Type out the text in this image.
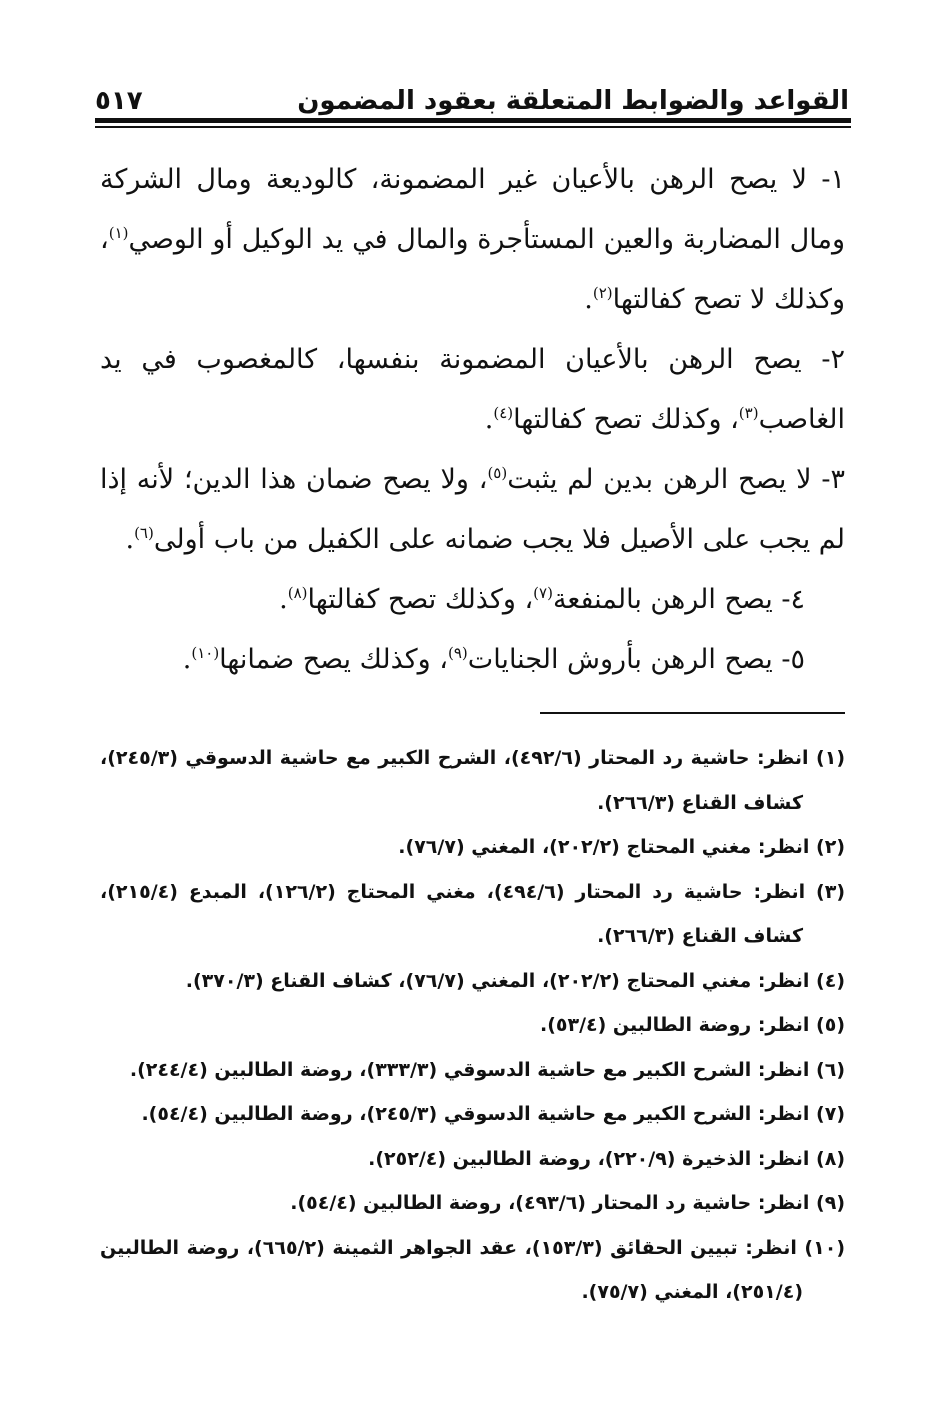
القواعد والضوابط المتعلقة بعقود المضمون
٥١٧

١- لا يصح الرهن بالأعيان غير المضمونة، كالوديعة ومال الشركة ومال المضاربة والعين المستأجرة والمال في يد الوكيل أو الوصي$^{(١)}$، وكذلك لا تصح كفالتها$^{(٢)}$.

٢- يصح الرهن بالأعيان المضمونة بنفسها، كالمغصوب في يد الغاصب$^{(٣)}$، وكذلك تصح كفالتها$^{(٤)}$.

٣- لا يصح الرهن بدين لم يثبت$^{(٥)}$، ولا يصح ضمان هذا الدين؛ لأنه إذا لم يجب على الأصيل فلا يجب ضمانه على الكفيل من باب أولى$^{(٦)}$.

٤- يصح الرهن بالمنفعة$^{(٧)}$، وكذلك تصح كفالتها$^{(٨)}$.

٥- يصح الرهن بأروش الجنايات$^{(٩)}$، وكذلك يصح ضمانها$^{(١٠)}$.

(١) انظر: حاشية رد المحتار (٤٩٢/٦)، الشرح الكبير مع حاشية الدسوقي (٢٤٥/٣)، كشاف القناع (٢٦٦/٣).

(٢) انظر: مغني المحتاج (٢٠٢/٢)، المغني (٧٦/٧).

(٣) انظر: حاشية رد المحتار (٤٩٤/٦)، مغني المحتاج (١٢٦/٢)، المبدع (٢١٥/٤)، كشاف القناع (٢٦٦/٣).

(٤) انظر: مغني المحتاج (٢٠٢/٢)، المغني (٧٦/٧)، كشاف القناع (٣٧٠/٣).

(٥) انظر: روضة الطالبين (٥٣/٤).

(٦) انظر: الشرح الكبير مع حاشية الدسوقي (٣٣٣/٣)، روضة الطالبين (٢٤٤/٤).

(٧) انظر: الشرح الكبير مع حاشية الدسوقي (٢٤٥/٣)، روضة الطالبين (٥٤/٤).

(٨) انظر: الذخيرة (٢٢٠/٩)، روضة الطالبين (٢٥٢/٤).

(٩) انظر: حاشية رد المحتار (٤٩٣/٦)، روضة الطالبين (٥٤/٤).

(١٠) انظر: تبيين الحقائق (١٥٣/٣)، عقد الجواهر الثمينة (٦٦٥/٢)، روضة الطالبين (٢٥١/٤)، المغني (٧٥/٧).
